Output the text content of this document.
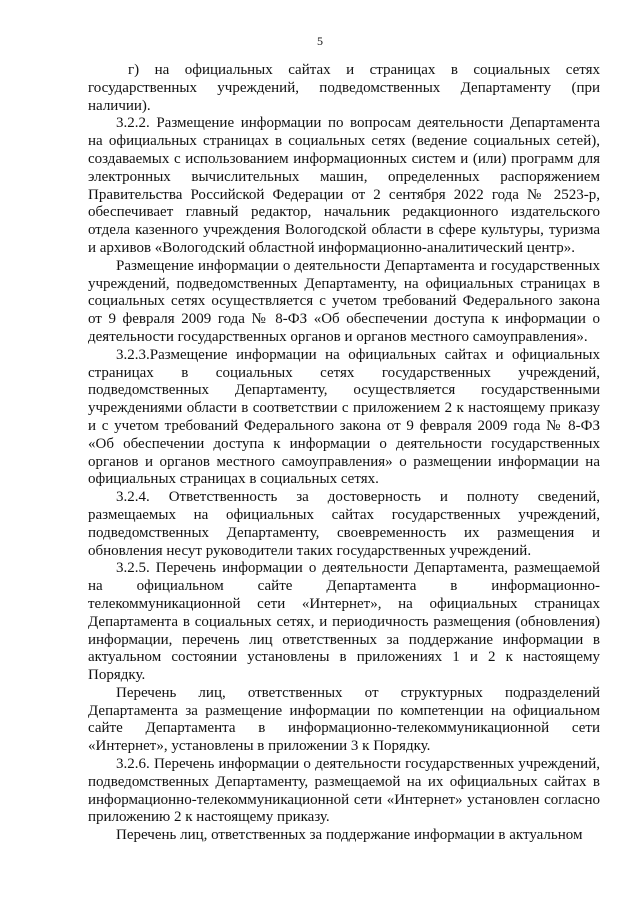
5

г) на официальных сайтах и страницах в социальных сетях государственных учреждений, подведомственных Департаменту (при наличии).

3.2.2. Размещение информации по вопросам деятельности Департамента на официальных страницах в социальных сетях (ведение социальных сетей), создаваемых с использованием информационных систем и (или) программ для электронных вычислительных машин, определенных распоряжением Правительства Российской Федерации от 2 сентября 2022 года № 2523-р, обеспечивает главный редактор, начальник редакционного издательского отдела казенного учреждения Вологодской области в сфере культуры, туризма и архивов «Вологодский областной информационно-аналитический центр».

Размещение информации о деятельности Департамента и государственных учреждений, подведомственных Департаменту, на официальных страницах в социальных сетях осуществляется с учетом требований Федерального закона от 9 февраля 2009 года № 8-ФЗ «Об обеспечении доступа к информации о деятельности государственных органов и органов местного самоуправления».

3.2.3.Размещение информации на официальных сайтах и официальных страницах в социальных сетях государственных учреждений, подведомственных Департаменту, осуществляется государственными учреждениями области в соответствии с приложением 2 к настоящему приказу и с учетом требований Федерального закона от 9 февраля 2009 года № 8-ФЗ «Об обеспечении доступа к информации о деятельности государственных органов и органов местного самоуправления» о размещении информации на официальных страницах в социальных сетях.

3.2.4. Ответственность за достоверность и полноту сведений, размещаемых на официальных сайтах государственных учреждений, подведомственных Департаменту, своевременность их размещения и обновления несут руководители таких государственных учреждений.

3.2.5. Перечень информации о деятельности Департамента, размещаемой на официальном сайте Департамента в информационно-телекоммуникационной сети «Интернет», на официальных страницах Департамента в социальных сетях, и периодичность размещения (обновления) информации, перечень лиц ответственных за поддержание информации в актуальном состоянии установлены в приложениях 1 и 2 к настоящему Порядку.

Перечень лиц, ответственных от структурных подразделений Департамента за размещение информации по компетенции на официальном сайте Департамента в информационно-телекоммуникационной сети «Интернет», установлены в приложении 3 к Порядку.

3.2.6. Перечень информации о деятельности государственных учреждений, подведомственных Департаменту, размещаемой на их официальных сайтах в информационно-телекоммуникационной сети «Интернет» установлен согласно приложению 2 к настоящему приказу.

Перечень лиц, ответственных за поддержание информации в актуальном
